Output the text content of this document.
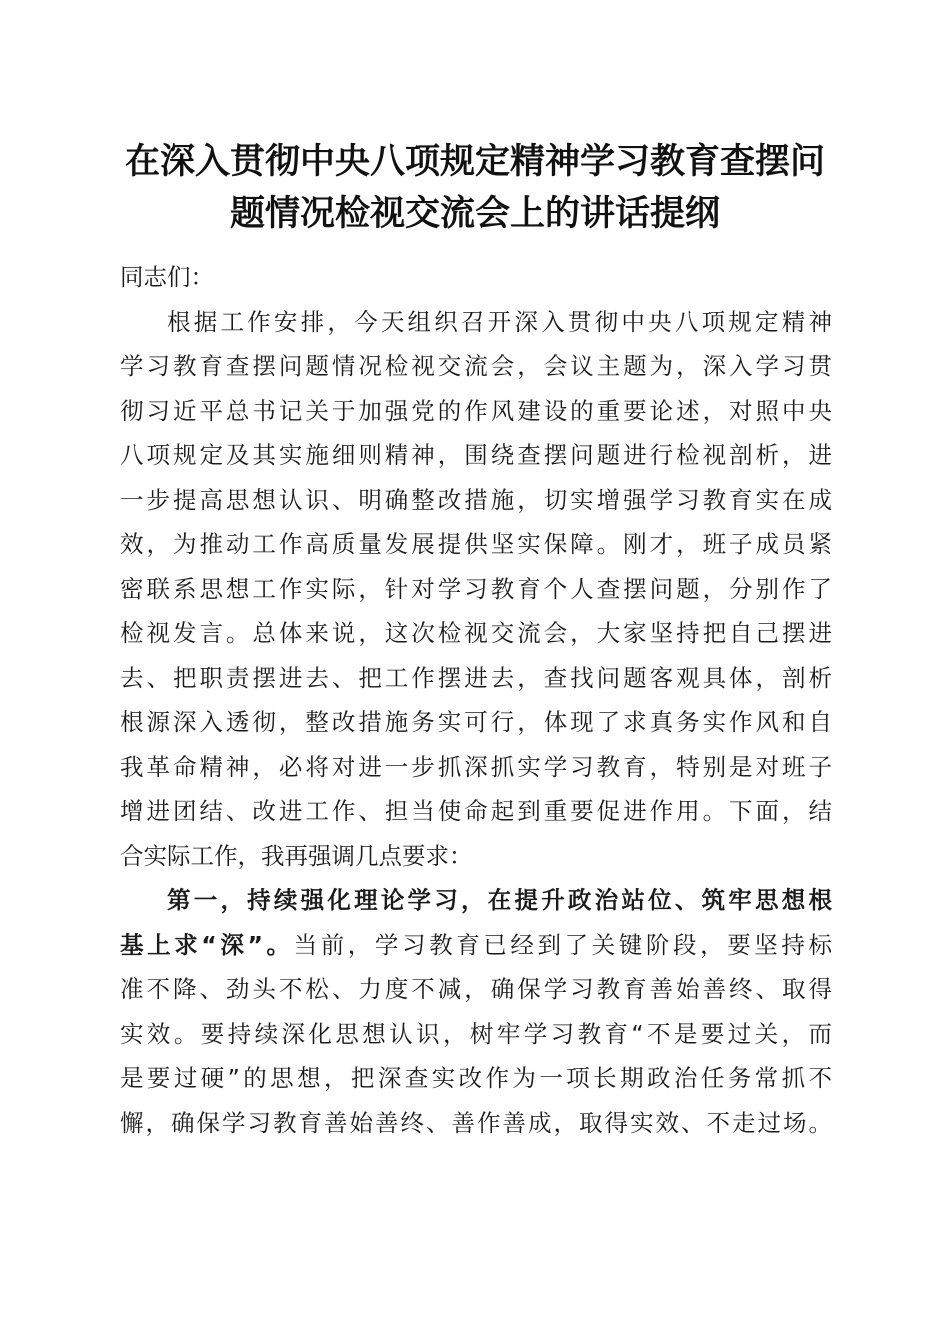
在深入贯彻中央八项规定精神学习教育查摆问
题情况检视交流会上的讲话提纲
同志们：
根据工作安排，今天组织召开深入贯彻中央八项规定精神
学习教育查摆问题情况检视交流会，会议主题为，深入学习贯
彻习近平总书记关于加强党的作风建设的重要论述，对照中央
八项规定及其实施细则精神，围绕查摆问题进行检视剖析，进
一步提高思想认识、明确整改措施，切实增强学习教育实在成
效，为推动工作高质量发展提供坚实保障。刚才，班子成员紧
密联系思想工作实际，针对学习教育个人查摆问题，分别作了
检视发言。总体来说，这次检视交流会，大家坚持把自己摆进
去、把职责摆进去、把工作摆进去，查找问题客观具体，剖析
根源深入透彻，整改措施务实可行，体现了求真务实作风和自
我革命精神，必将对进一步抓深抓实学习教育，特别是对班子
增进团结、改进工作、担当使命起到重要促进作用。下面，结
合实际工作，我再强调几点要求：
第一，持续强化理论学习，在提升政治站位、筑牢思想根
基上求“深”。当前，学习教育已经到了关键阶段，要坚持标
准不降、劲头不松、力度不减，确保学习教育善始善终、取得
实效。要持续深化思想认识，树牢学习教育“不是要过关，而
是要过硬”的思想，把深查实改作为一项长期政治任务常抓不
懈，确保学习教育善始善终、善作善成，取得实效、不走过场。
